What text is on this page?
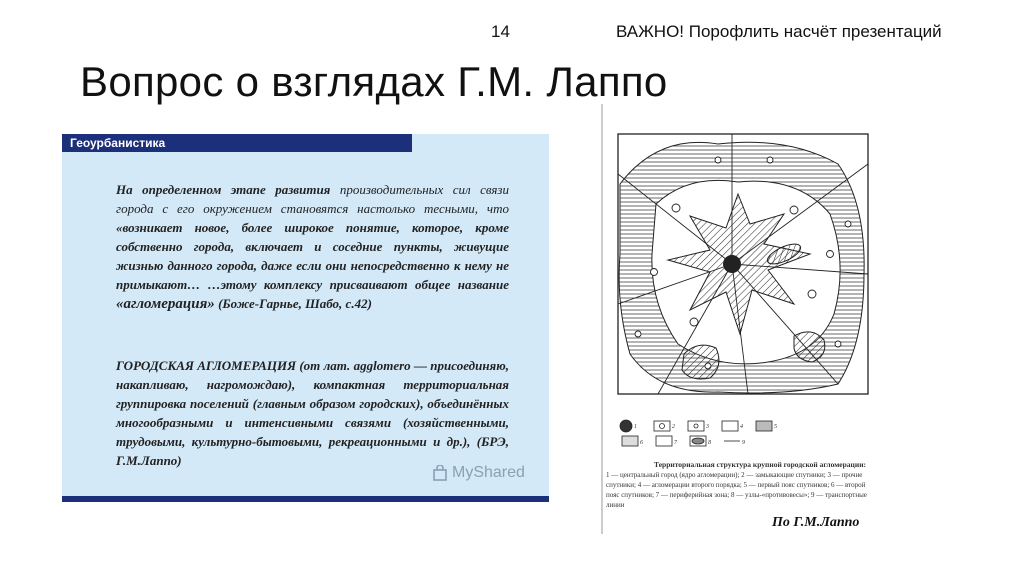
14	ВАЖНО! Порофлить насчёт презентаций
Вопрос о взглядах Г.М. Лаппо
Геоурбанистика
На определенном этапе развития производительных сил связи города с его окружением становятся настолько тесными, что «возникает новое, более широкое понятие, которое, кроме собственно города, включает и соседние пункты, живущие жизнью данного города, даже если они непосредственно к нему не примыкают… …этому комплексу присваивают общее название «агломерация» (Боже-Гарнье, Шабо, с.42)
ГОРОДСКАЯ АГЛОМЕРАЦИЯ (от лат. agglomero — присоединяю, накапливаю, нагромождаю), компактная территориальная группировка поселений (главным образом городских), объединённых многообразными и интенсивными связями (хозяйственными, трудовыми, культурно-бытовыми, рекреационными и др.), (БРЭ, Г.М.Лаппо)
MyShared
1	2	3	4	5
6	7	8	9
Территориальная структура крупной городской агломерации:
1 — центральный город (ядро агломерации); 2 — замыкающие спутники; 3 — прочие спутники; 4 — агломерации второго порядка; 5 — первый пояс спутников; 6 — второй пояс спутников; 7 — периферийная зона; 8 — узлы-«противовесы»; 9 — транспортные линии
По Г.М.Лаппо
